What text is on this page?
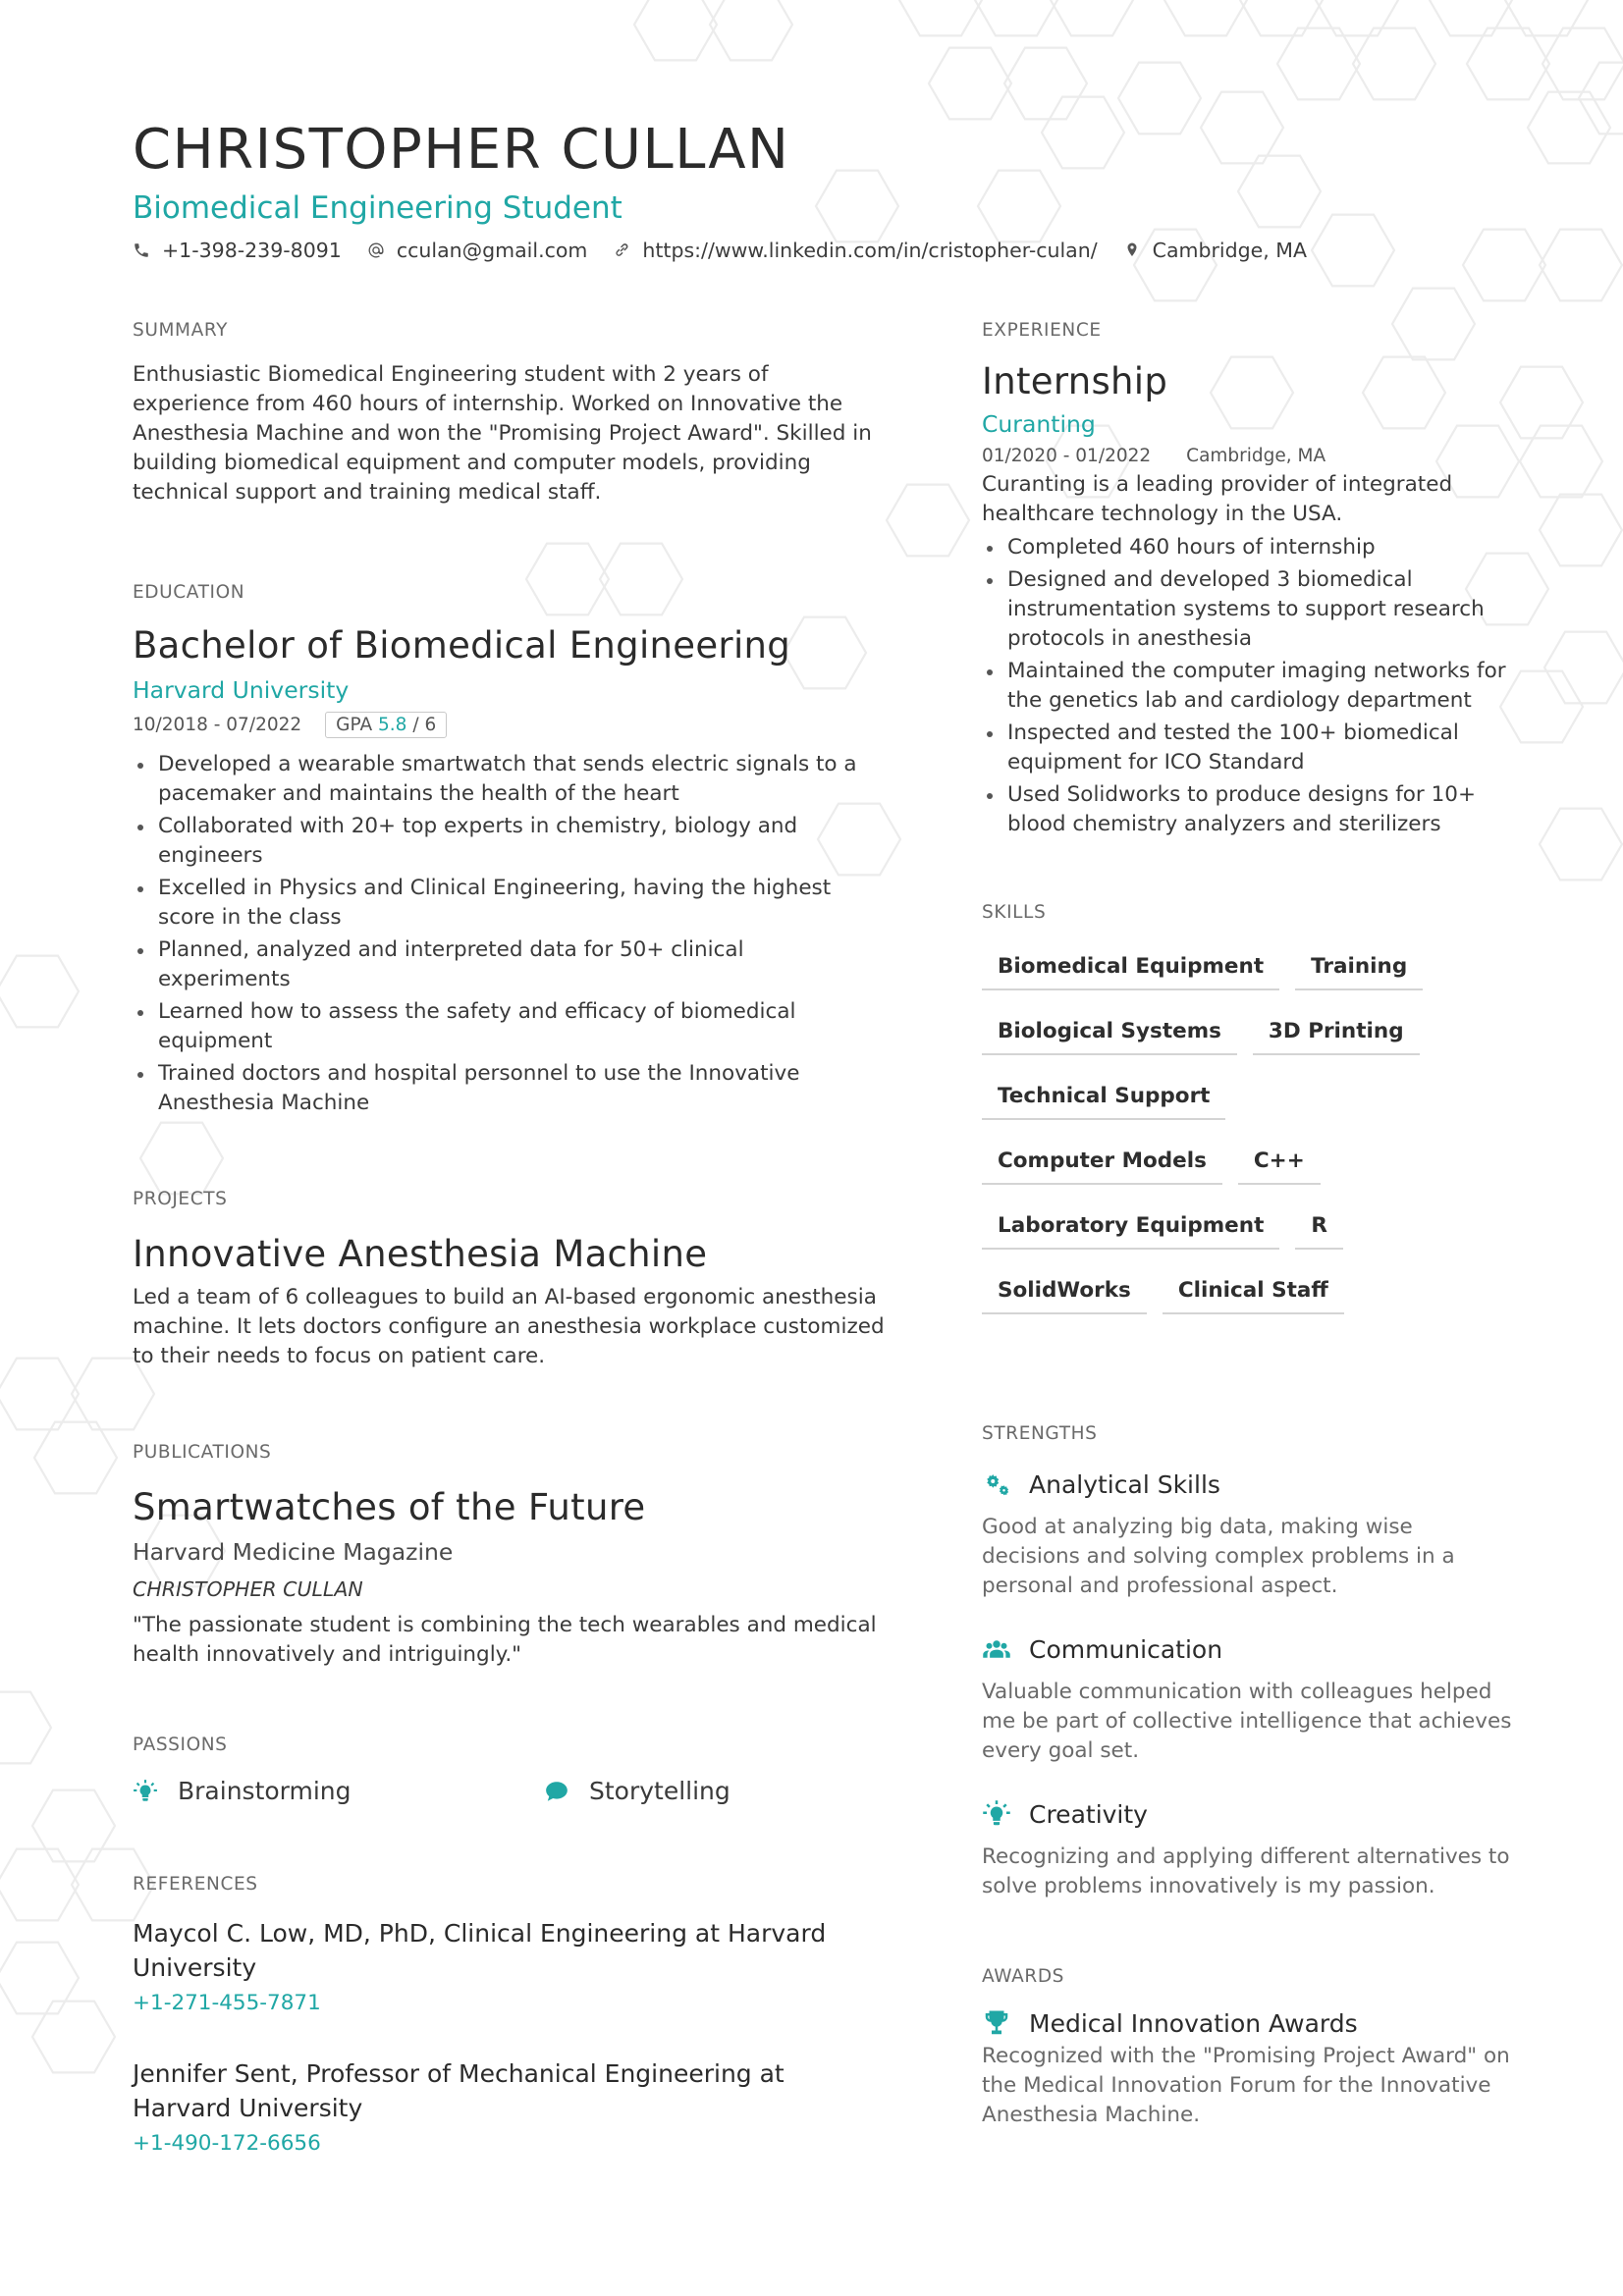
CHRISTOPHER CULLAN
Biomedical Engineering Student
+1-398-239-8091	cculan@gmail.com	https://www.linkedin.com/in/cristopher-culan/	Cambridge, MA
SUMMARY

Enthusiastic Biomedical Engineering student with 2 years of experience from 460 hours of internship. Worked on Innovative the Anesthesia Machine and won the "Promising Project Award". Skilled in building biomedical equipment and computer models, providing technical support and training medical staff.

EDUCATION
Bachelor of Biomedical Engineering
Harvard University
10/2018 - 07/2022	GPA 5.8 / 6
Developed a wearable smartwatch that sends electric signals to a pacemaker and maintains the health of the heart
Collaborated with 20+ top experts in chemistry, biology and engineers
Excelled in Physics and Clinical Engineering, having the highest score in the class
Planned, analyzed and interpreted data for 50+ clinical experiments
Learned how to assess the safety and efficacy of biomedical equipment
Trained doctors and hospital personnel to use the Innovative Anesthesia Machine
PROJECTS
Innovative Anesthesia Machine

Led a team of 6 colleagues to build an AI-based ergonomic anesthesia machine. It lets doctors configure an anesthesia workplace customized to their needs to focus on patient care.

PUBLICATIONS
Smartwatches of the Future
Harvard Medicine Magazine
CHRISTOPHER CULLAN

"The passionate student is combining the tech wearables and medical health innovatively and intriguingly."

PASSIONS
Brainstorming	Storytelling
REFERENCES
Maycol C. Low, MD, PhD, Clinical Engineering at Harvard University
+1-271-455-7871
Jennifer Sent, Professor of Mechanical Engineering at Harvard University
+1-490-172-6656
EXPERIENCE
Internship
Curanting
01/2020 - 01/2022 Cambridge, MA

Curanting is a leading provider of integrated healthcare technology in the USA.

Completed 460 hours of internship
Designed and developed 3 biomedical instrumentation systems to support research protocols in anesthesia
Maintained the computer imaging networks for the genetics lab and cardiology department
Inspected and tested the 100+ biomedical equipment for ICO Standard
Used Solidworks to produce designs for 10+ blood chemistry analyzers and sterilizers
SKILLS
Biomedical Equipment	Training
Biological Systems	3D Printing
Technical Support
Computer Models	C++
Laboratory Equipment	R
SolidWorks	Clinical Staff
STRENGTHS
Analytical Skills

Good at analyzing big data, making wise decisions and solving complex problems in a personal and professional aspect.

Communication

Valuable communication with colleagues helped me be part of collective intelligence that achieves every goal set.

Creativity

Recognizing and applying different alternatives to solve problems innovatively is my passion.

AWARDS
Medical Innovation Awards

Recognized with the "Promising Project Award" on the Medical Innovation Forum for the Innovative Anesthesia Machine.
